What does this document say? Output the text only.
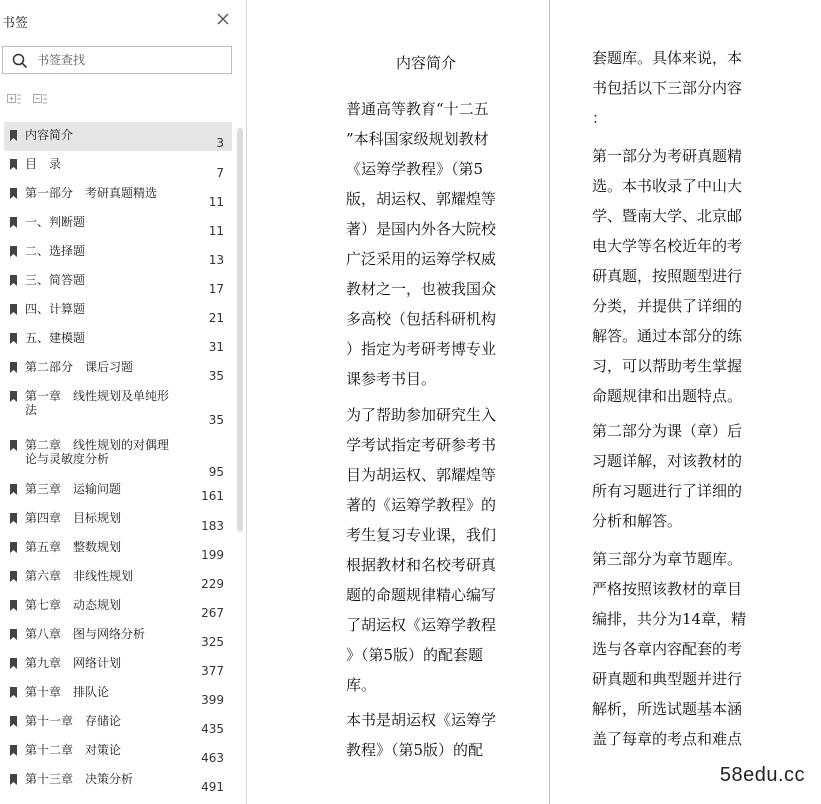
书签
书签查找
内容简介
3
目　录
7
第一部分　考研真题精选
11
一、判断题
11
二、选择题
13
三、简答题
17
四、计算题
21
五、建模题
31
第二部分　课后习题
35
第一章　线性规划及单纯形法
35
第二章　线性规划的对偶理论与灵敏度分析
95
第三章　运输问题	161
第四章　目标规划
183
第五章　整数规划
199
第六章　非线性规划
229
第七章　动态规划
267
第八章　图与网络分析
325
第九章　网络计划
377
第十章　排队论
399
第十一章　存储论
435
第十二章　对策论
463
第十三章　决策分析
491
内容简介
普通高等教育“十二五
”本科国家级规划教材
《运筹学教程》（第5
版，胡运权、郭耀煌等
著）是国内外各大院校
广泛采用的运筹学权威
教材之一，也被我国众
多高校（包括科研机构
）指定为考研考博专业
课参考书目。
为了帮助参加研究生入
学考试指定考研参考书
目为胡运权、郭耀煌等
著的《运筹学教程》的
考生复习专业课，我们
根据教材和名校考研真
题的命题规律精心编写
了胡运权《运筹学教程
》（第5版）的配套题
库。
本书是胡运权《运筹学
教程》（第5版）的配
套题库。具体来说，本
书包括以下三部分内容
：
第一部分为考研真题精
选。本书收录了中山大
学、暨南大学、北京邮
电大学等名校近年的考
研真题，按照题型进行
分类，并提供了详细的
解答。通过本部分的练
习，可以帮助考生掌握
命题规律和出题特点。
第二部分为课（章）后
习题详解，对该教材的
所有习题进行了详细的
分析和解答。
第三部分为章节题库。
严格按照该教材的章目
编排，共分为14章，精
选与各章内容配套的考
研真题和典型题并进行
解析，所选试题基本涵
盖了每章的考点和难点
58edu.cc
